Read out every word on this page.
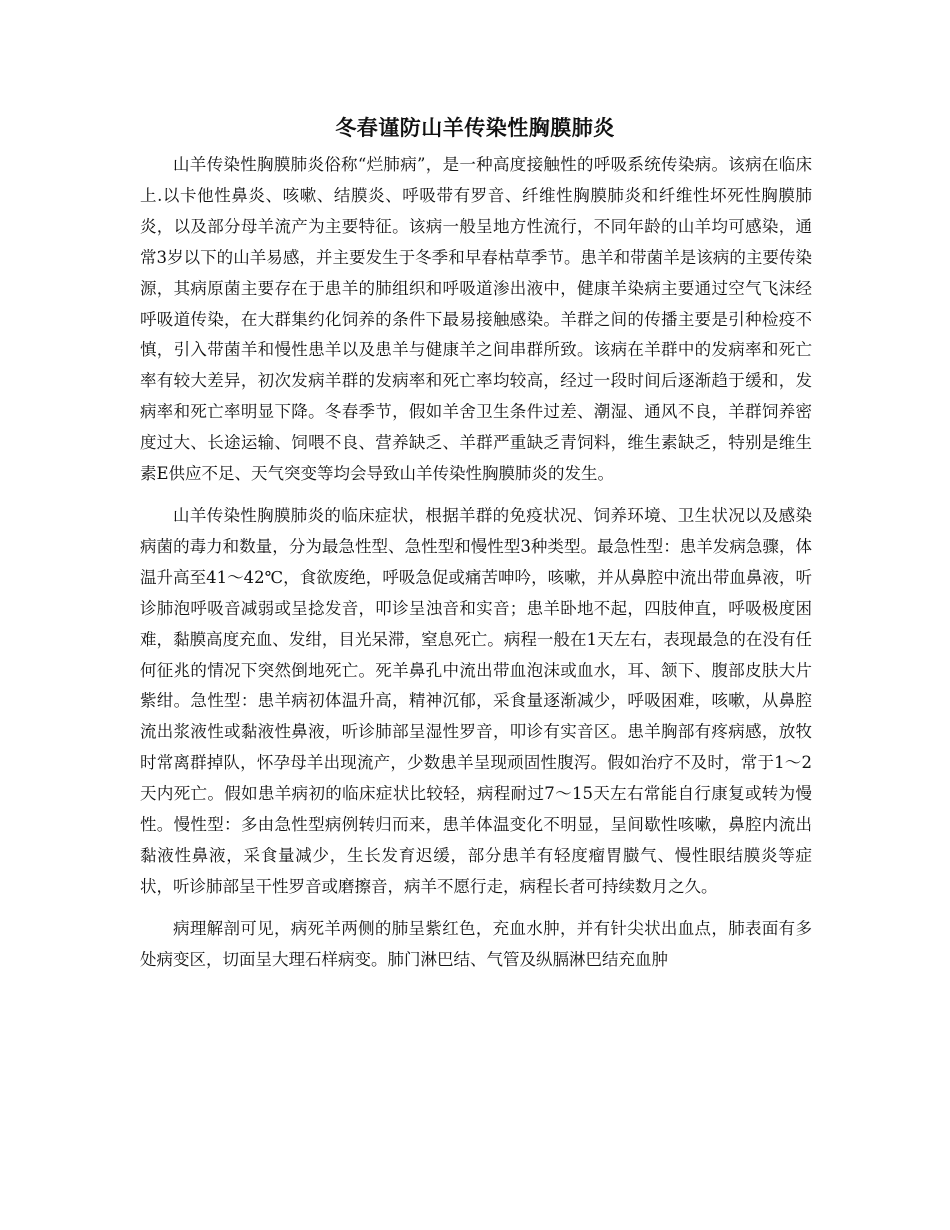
冬春谨防山羊传染性胸膜肺炎

山羊传染性胸膜肺炎俗称“烂肺病”，是一种高度接触性的呼吸系统传染病。该病在临床上.以卡他性鼻炎、咳嗽、结膜炎、呼吸带有罗音、纤维性胸膜肺炎和纤维性坏死性胸膜肺炎，以及部分母羊流产为主要特征。该病一般呈地方性流行，不同年龄的山羊均可感染，通常3岁以下的山羊易感，并主要发生于冬季和早春枯草季节。患羊和带菌羊是该病的主要传染源，其病原菌主要存在于患羊的肺组织和呼吸道渗出液中，健康羊染病主要通过空气飞沫经呼吸道传染，在大群集约化饲养的条件下最易接触感染。羊群之间的传播主要是引种检疫不慎，引入带菌羊和慢性患羊以及患羊与健康羊之间串群所致。该病在羊群中的发病率和死亡率有较大差异，初次发病羊群的发病率和死亡率均较高，经过一段时间后逐渐趋于缓和，发病率和死亡率明显下降。冬春季节，假如羊舍卫生条件过差、潮湿、通风不良，羊群饲养密度过大、长途运输、饲喂不良、营养缺乏、羊群严重缺乏青饲料，维生素缺乏，特别是维生素E供应不足、天气突变等均会导致山羊传染性胸膜肺炎的发生。

山羊传染性胸膜肺炎的临床症状，根据羊群的免疫状况、饲养环境、卫生状况以及感染病菌的毒力和数量，分为最急性型、急性型和慢性型3种类型。最急性型：患羊发病急骤，体温升高至41～42℃，食欲废绝，呼吸急促或痛苦呻吟，咳嗽，并从鼻腔中流出带血鼻液，听诊肺泡呼吸音减弱或呈捻发音，叩诊呈浊音和实音；患羊卧地不起，四肢伸直，呼吸极度困难，黏膜高度充血、发绀，目光呆滞，窒息死亡。病程一般在1天左右，表现最急的在没有任何征兆的情况下突然倒地死亡。死羊鼻孔中流出带血泡沫或血水，耳、颔下、腹部皮肤大片紫绀。急性型：患羊病初体温升高，精神沉郁，采食量逐渐减少，呼吸困难，咳嗽，从鼻腔流出浆液性或黏液性鼻液，听诊肺部呈湿性罗音，叩诊有实音区。患羊胸部有疼病感，放牧时常离群掉队，怀孕母羊出现流产，少数患羊呈现顽固性腹泻。假如治疗不及时，常于1～2天内死亡。假如患羊病初的临床症状比较轻，病程耐过7～15天左右常能自行康复或转为慢性。慢性型：多由急性型病例转归而来，患羊体温变化不明显，呈间歇性咳嗽，鼻腔内流出黏液性鼻液，采食量减少，生长发育迟缓，部分患羊有轻度瘤胃臌气、慢性眼结膜炎等症状，听诊肺部呈干性罗音或磨擦音，病羊不愿行走，病程长者可持续数月之久。

病理解剖可见，病死羊两侧的肺呈紫红色，充血水肿，并有针尖状出血点，肺表面有多处病变区，切面呈大理石样病变。肺门淋巴结、气管及纵膈淋巴结充血肿
